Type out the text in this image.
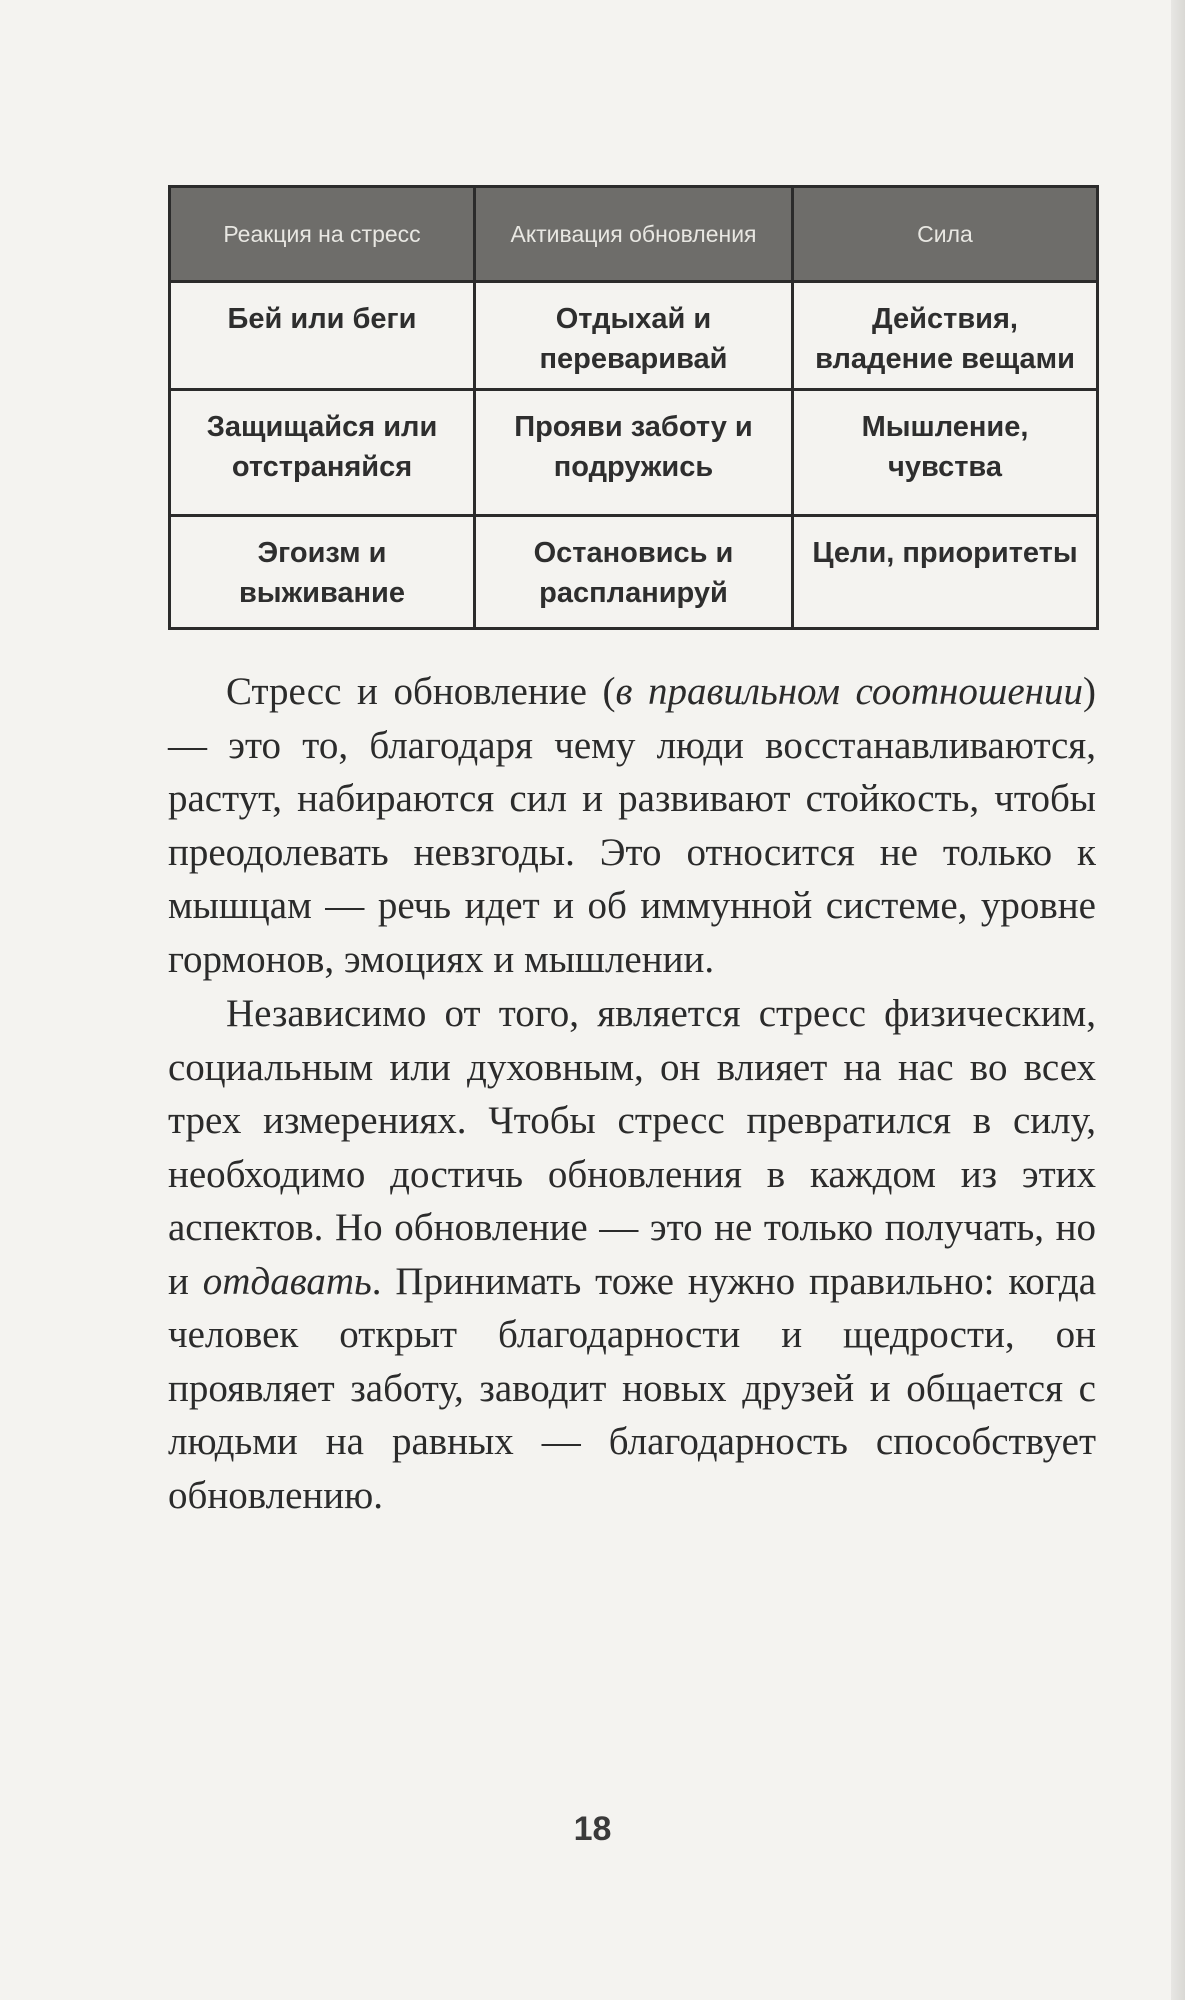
Реакция на стресс	Активация обновления	Сила
Бей или беги	Отдыхай и переваривай	Действия, владение вещами
Защищайся или отстраняйся	Прояви заботу и подружись	Мышление, чувства
Эгоизм и выживание	Остановись и распланируй	Цели, приоритеты

Стресс и обновление (в правильном соотношении) — это то, благодаря чему люди восстанавливаются, растут, набираются сил и развивают стойкость, чтобы преодолевать невзгоды. Это относится не только к мышцам — речь идет и об иммунной системе, уровне гормонов, эмоциях и мышлении.

Независимо от того, является стресс физическим, социальным или духовным, он влияет на нас во всех трех измерениях. Чтобы стресс превратился в силу, необходимо достичь обновления в каждом из этих аспектов. Но обновление — это не только получать, но и отдавать. Принимать тоже нужно правильно: когда человек открыт благодарности и щедрости, он проявляет заботу, заводит новых друзей и общается с людьми на равных — благодарность способствует обновлению.

18
